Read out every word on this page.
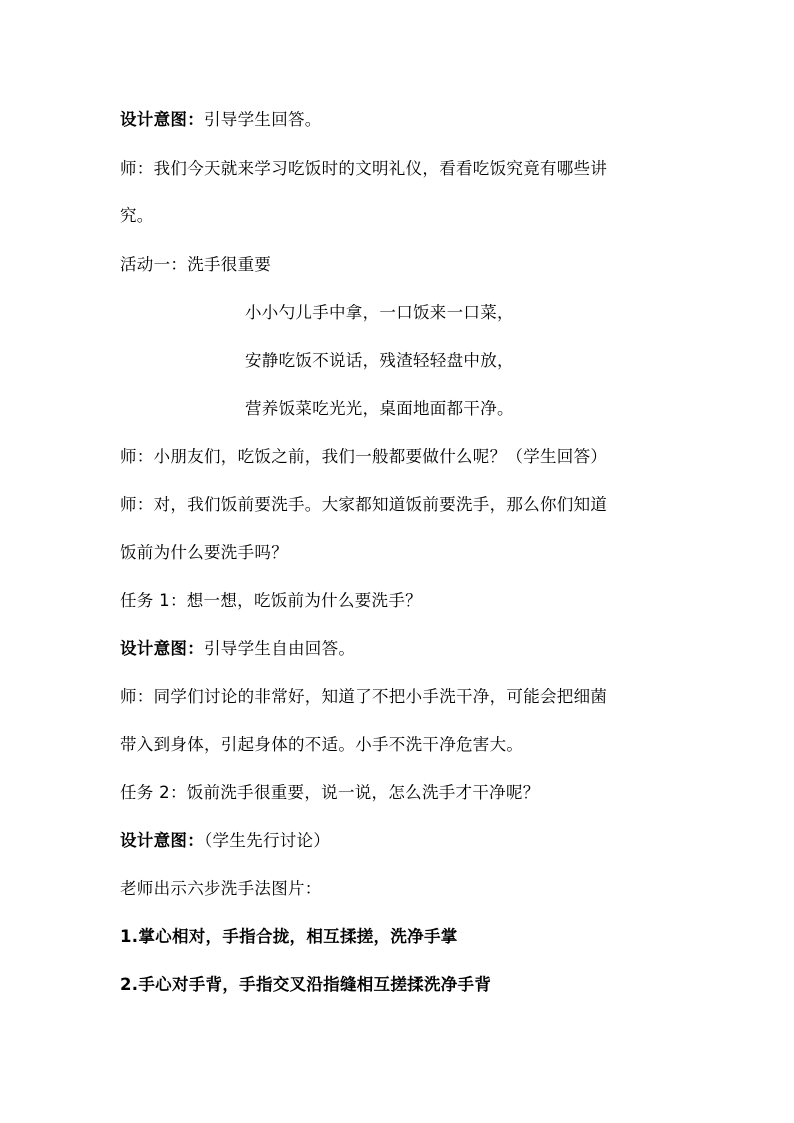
设计意图：引导学生回答。
师：我们今天就来学习吃饭时的文明礼仪，看看吃饭究竟有哪些讲
究。
活动一：洗手很重要
小小勺儿手中拿，一口饭来一口菜，
安静吃饭不说话，残渣轻轻盘中放，
营养饭菜吃光光，桌面地面都干净。
师：小朋友们，吃饭之前，我们一般都要做什么呢？（学生回答）
师：对，我们饭前要洗手。大家都知道饭前要洗手，那么你们知道
饭前为什么要洗手吗？
任务 1：想一想，吃饭前为什么要洗手？
设计意图：引导学生自由回答。
师：同学们讨论的非常好，知道了不把小手洗干净，可能会把细菌
带入到身体，引起身体的不适。小手不洗干净危害大。
任务 2：饭前洗手很重要，说一说，怎么洗手才干净呢？
设计意图：（学生先行讨论）
老师出示六步洗手法图片：
1.掌心相对，手指合拢，相互揉搓，洗净手掌
2.手心对手背，手指交叉沿指缝相互搓揉洗净手背
